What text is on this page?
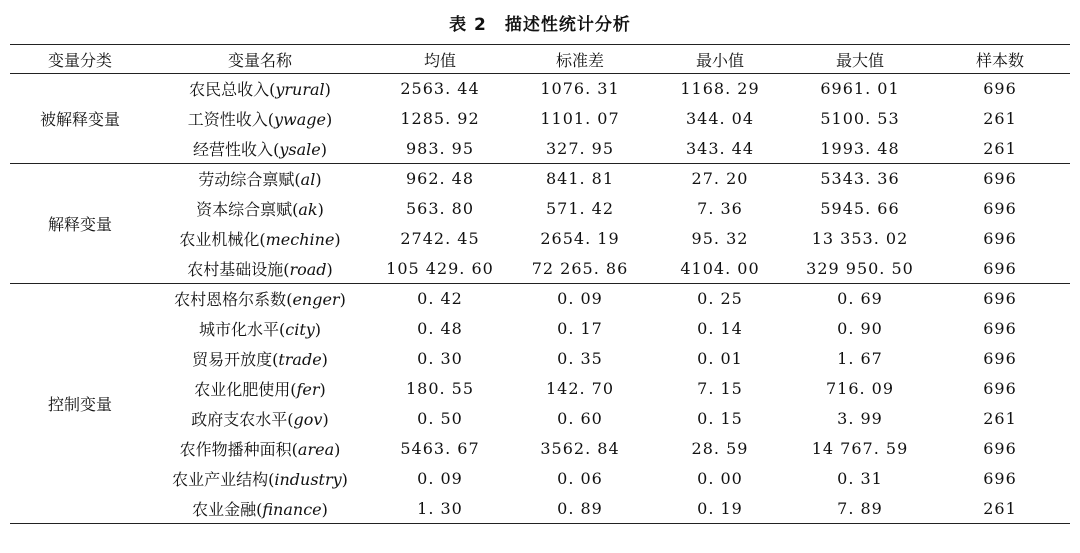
表 2 描述性统计分析
变量分类	变量名称	均值	标准差	最小值	最大值	样本数
被解释变量	农民总收入(yrural)	2563. 44	1076. 31	1168. 29	6961. 01	696
	工资性收入(ywage)	1285. 92	1101. 07	344. 04	5100. 53	261
	经营性收入(ysale)	983. 95	327. 95	343. 44	1993. 48	261
解释变量	劳动综合禀赋(al)	962. 48	841. 81	27. 20	5343. 36	696
	资本综合禀赋(ak)	563. 80	571. 42	7. 36	5945. 66	696
	农业机械化(mechine)	2742. 45	2654. 19	95. 32	13 353. 02	696
	农村基础设施(road)	105 429. 60	72 265. 86	4104. 00	329 950. 50	696
控制变量	农村恩格尔系数(enger)	0. 42	0. 09	0. 25	0. 69	696
	城市化水平(city)	0. 48	0. 17	0. 14	0. 90	696
	贸易开放度(trade)	0. 30	0. 35	0. 01	1. 67	696
	农业化肥使用(fer)	180. 55	142. 70	7. 15	716. 09	696
	政府支农水平(gov)	0. 50	0. 60	0. 15	3. 99	261
	农作物播种面积(area)	5463. 67	3562. 84	28. 59	14 767. 59	696
	农业产业结构(industry)	0. 09	0. 06	0. 00	0. 31	696
	农业金融(finance)	1. 30	0. 89	0. 19	7. 89	261
